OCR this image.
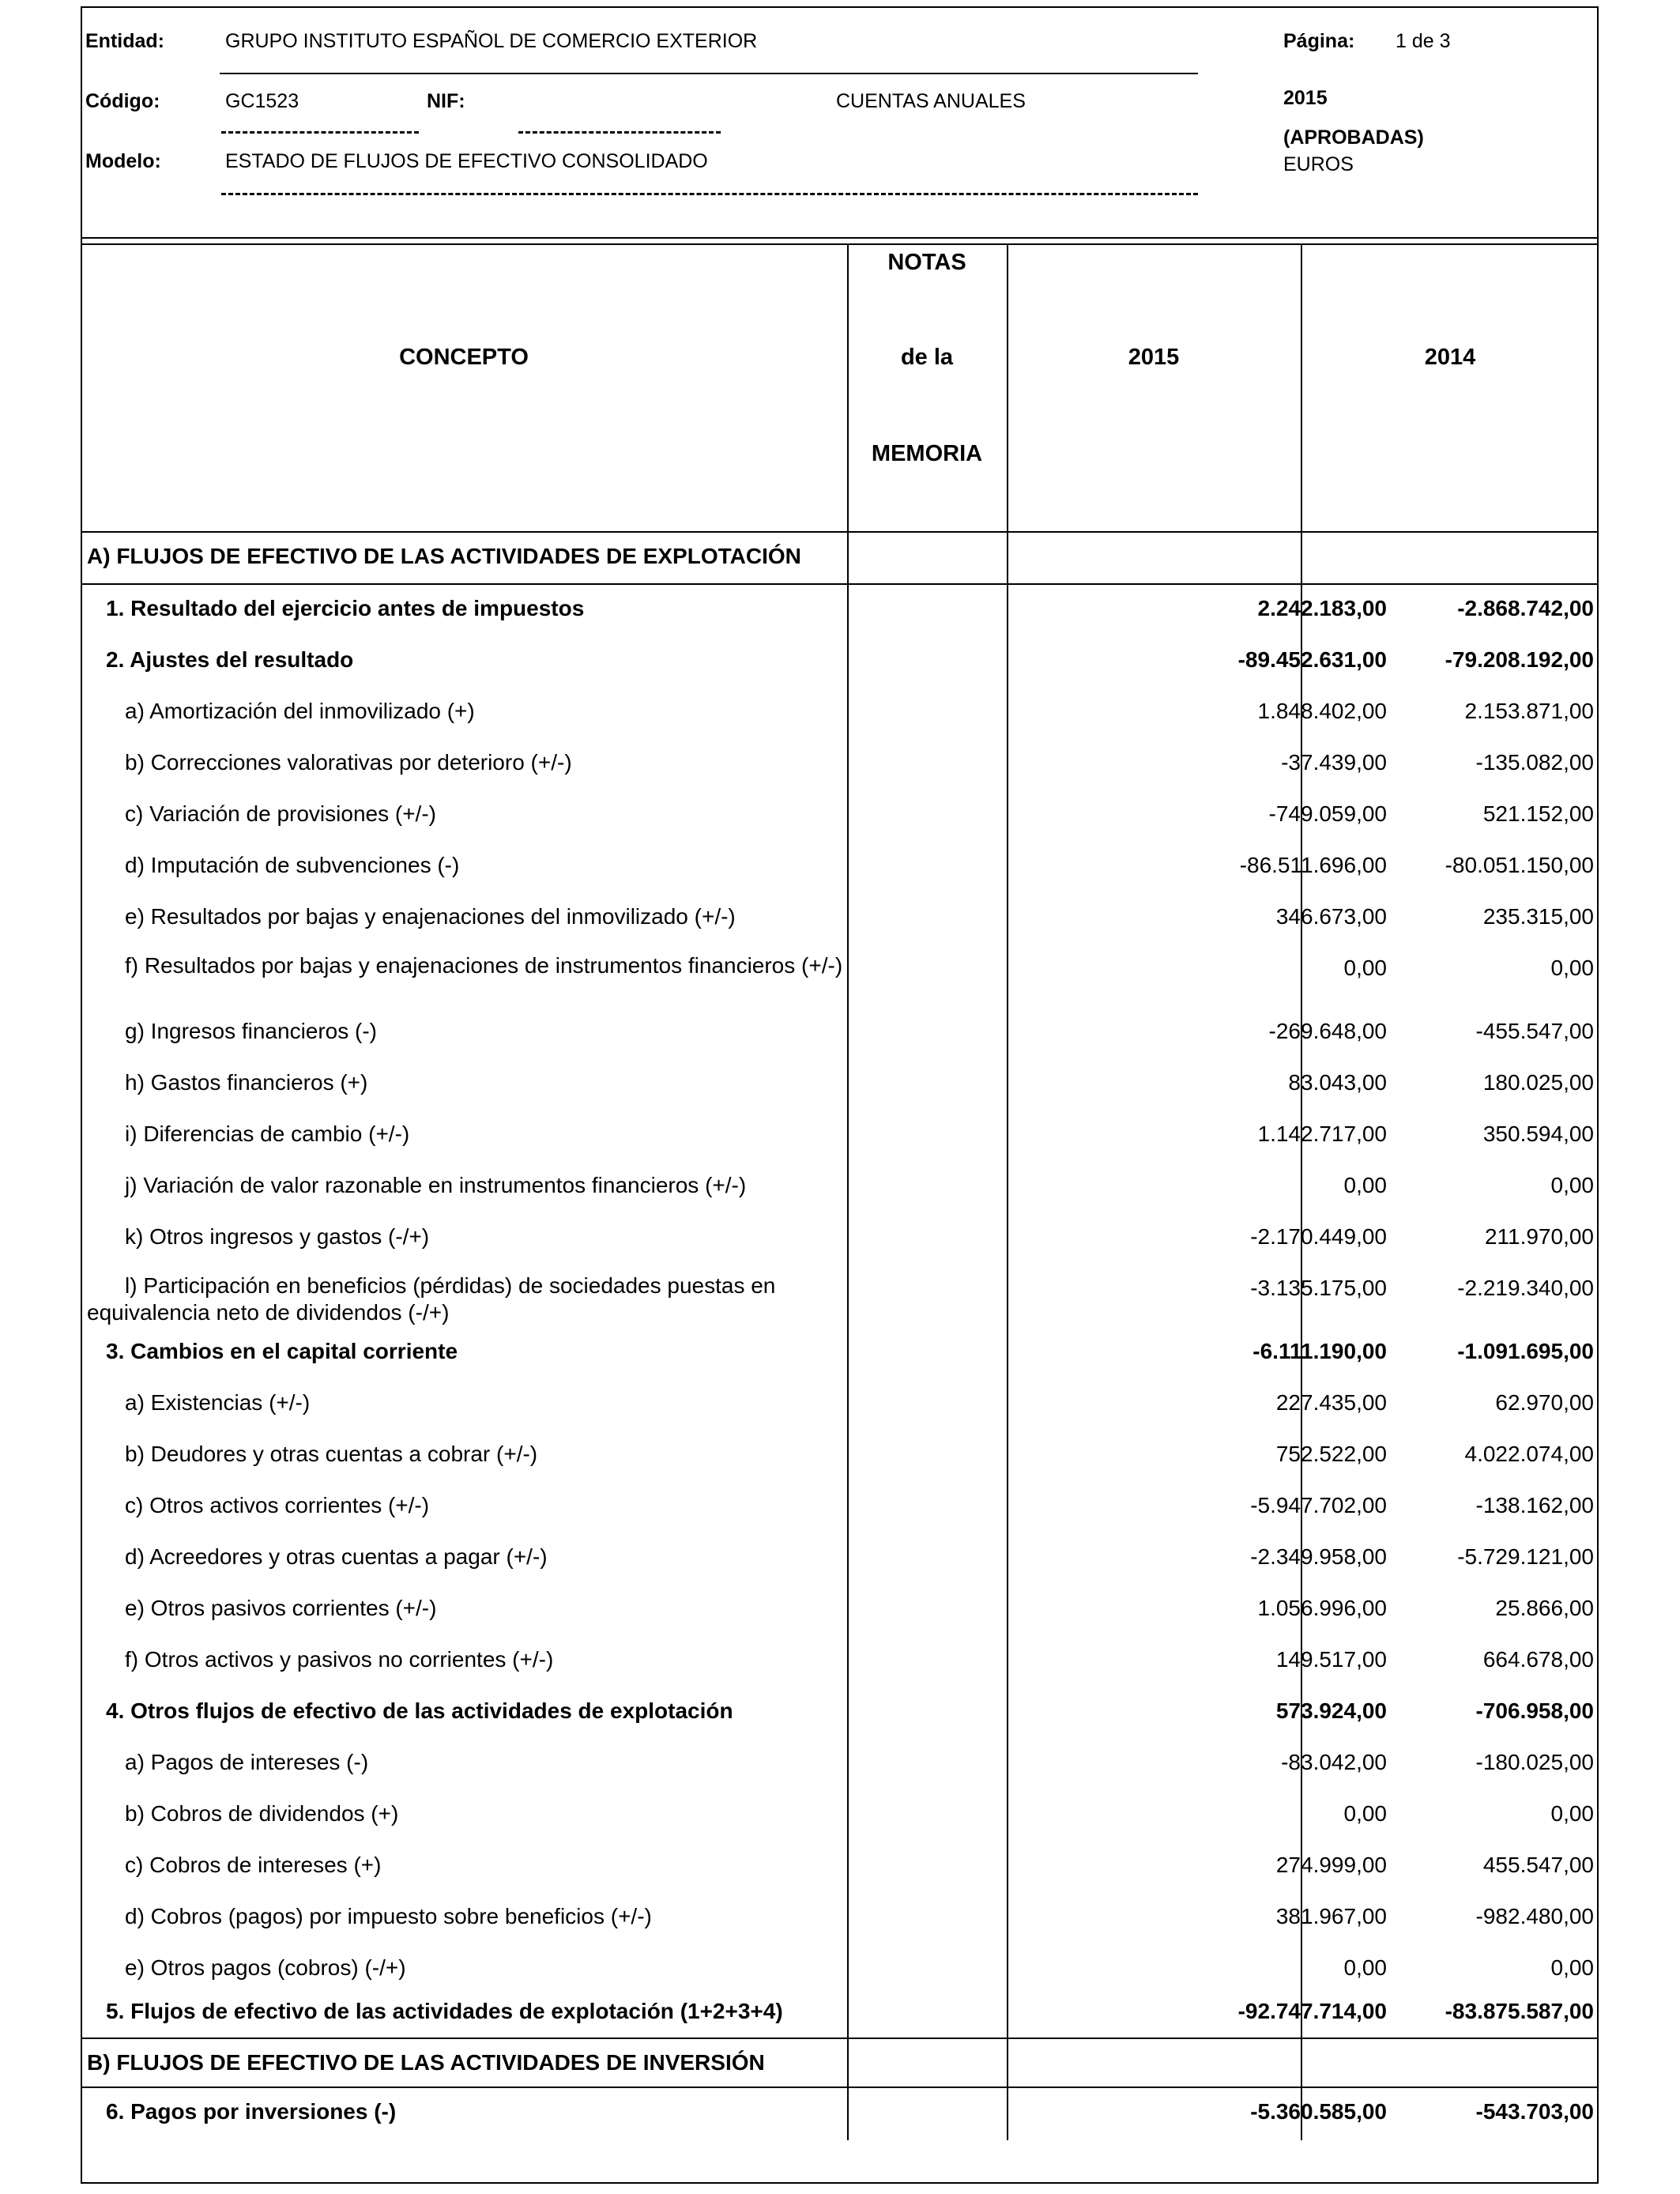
Entidad:	GRUPO INSTITUTO ESPAÑOL DE COMERCIO EXTERIOR	Página: 1 de 3
Código:	GC1523	NIF:	CUENTAS ANUALES	2015
(APROBADAS)
Modelo:	ESTADO DE FLUJOS DE EFECTIVO CONSOLIDADO	EUROS
CONCEPTO
NOTAS
de la
MEMORIA
2015	2014
A) FLUJOS DE EFECTIVO DE LAS ACTIVIDADES DE EXPLOTACIÓN
1. Resultado del ejercicio antes de impuestos	2.242.183,00	-2.868.742,00
2. Ajustes del resultado	-89.452.631,00	-79.208.192,00
a) Amortización del inmovilizado (+)	1.848.402,00	2.153.871,00
b) Correcciones valorativas por deterioro (+/-)	-37.439,00	-135.082,00
c) Variación de provisiones (+/-)	-749.059,00	521.152,00
d) Imputación de subvenciones (-)	-86.511.696,00	-80.051.150,00
e) Resultados por bajas y enajenaciones del inmovilizado (+/-)	346.673,00	235.315,00
f) Resultados por bajas y enajenaciones de instrumentos financieros (+/-)	0,00	0,00
g) Ingresos financieros (-)	-269.648,00	-455.547,00
h) Gastos financieros (+)	83.043,00	180.025,00
i) Diferencias de cambio (+/-)	1.142.717,00	350.594,00
j) Variación de valor razonable en instrumentos financieros (+/-)	0,00	0,00
k) Otros ingresos y gastos (-/+)	-2.170.449,00	211.970,00
l) Participación en beneficios (pérdidas) de sociedades puestas en equivalencia neto de dividendos (-/+)
-3.135.175,00	-2.219.340,00
3. Cambios en el capital corriente	-6.111.190,00	-1.091.695,00
a) Existencias (+/-)	227.435,00	62.970,00
b) Deudores y otras cuentas a cobrar (+/-)	752.522,00	4.022.074,00
c) Otros activos corrientes (+/-)	-5.947.702,00	-138.162,00
d) Acreedores y otras cuentas a pagar (+/-)	-2.349.958,00	-5.729.121,00
e) Otros pasivos corrientes (+/-)	1.056.996,00	25.866,00
f) Otros activos y pasivos no corrientes (+/-)	149.517,00	664.678,00
4. Otros flujos de efectivo de las actividades de explotación	573.924,00	-706.958,00
a) Pagos de intereses (-)	-83.042,00	-180.025,00
b) Cobros de dividendos (+)	0,00	0,00
c) Cobros de intereses (+)	274.999,00	455.547,00
d) Cobros (pagos) por impuesto sobre beneficios (+/-)	381.967,00	-982.480,00
e) Otros pagos (cobros) (-/+)	0,00	0,00
5. Flujos de efectivo de las actividades de explotación (1+2+3+4)	-92.747.714,00	-83.875.587,00
B) FLUJOS DE EFECTIVO DE LAS ACTIVIDADES DE INVERSIÓN
6. Pagos por inversiones (-)	-5.360.585,00	-543.703,00
